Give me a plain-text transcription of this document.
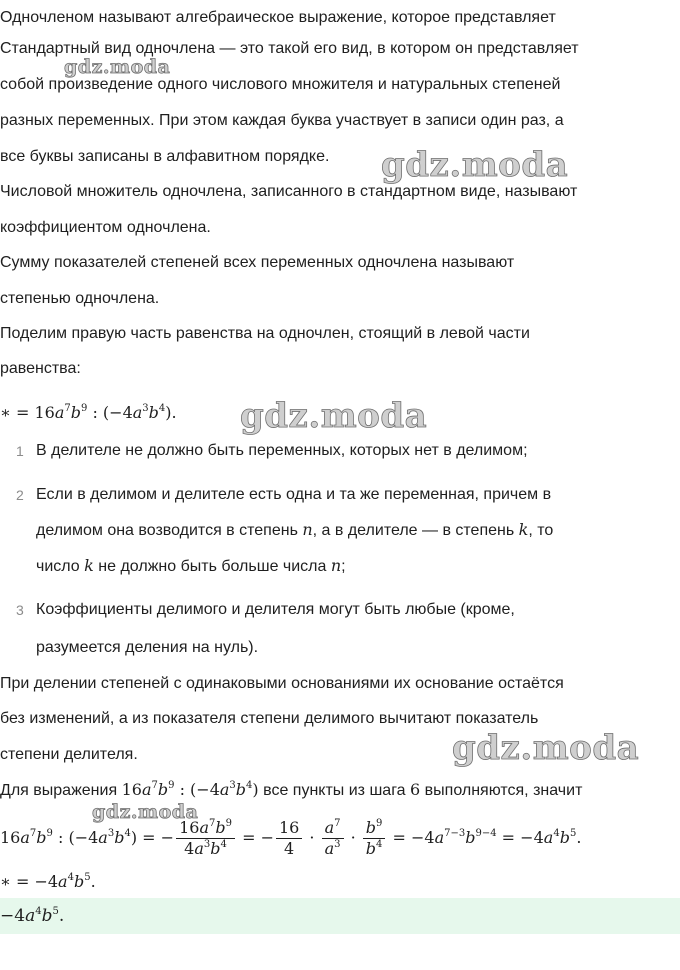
Одночленом называют алгебраическое выражение, которое представляет
Стандартный вид одночлена — это такой его вид, в котором он представляет
собой произведение одного числового множителя и натуральных степеней
разных переменных. При этом каждая буква участвует в записи один раз, а
все буквы записаны в алфавитном порядке.
Числовой множитель одночлена, записанного в стандартном виде, называют
коэффициентом одночлена.
Сумму показателей степеней всех переменных одночлена называют
степенью одночлена.
Поделим правую часть равенства на одночлен, стоящий в левой части
равенства:
∗ = $16a^7b^9$ : $(-4a^3b^4)$.
1 В делителе не должно быть переменных, которых нет в делимом;
2 Если в делимом и делителе есть одна и та же переменная, причем в
делимом она возводится в степень n, а в делителе — в степень k, то
число k не должно быть больше числа n;
3 Коэффициенты делимого и делителя могут быть любые (кроме,
разумеется деления на нуль).
При делении степеней с одинаковыми основаниями их основание остаётся
без изменений, а из показателя степени делимого вычитают показатель
степени делителя.
Для выражения $16a^7b^9$ : $(-4a^3b^4)$ все пункты из шага 6 выполняются, значит
$16a^7b^9$ : $(-4a^3b^4)$ = − $\frac{16a^7b^9}{4a^3b^4}$ = − $\frac{16}{4} \cdot \frac{a^7}{a^3} \cdot \frac{b^9}{b^4} = -4a^{7-3}b^{9-4} = -4a^4b^5$.
∗ = $-4a^4b^5$.
$-4a^4b^5$.
gdz.moda
gdz.moda
gdz.moda
gdz.moda
gdz.moda
